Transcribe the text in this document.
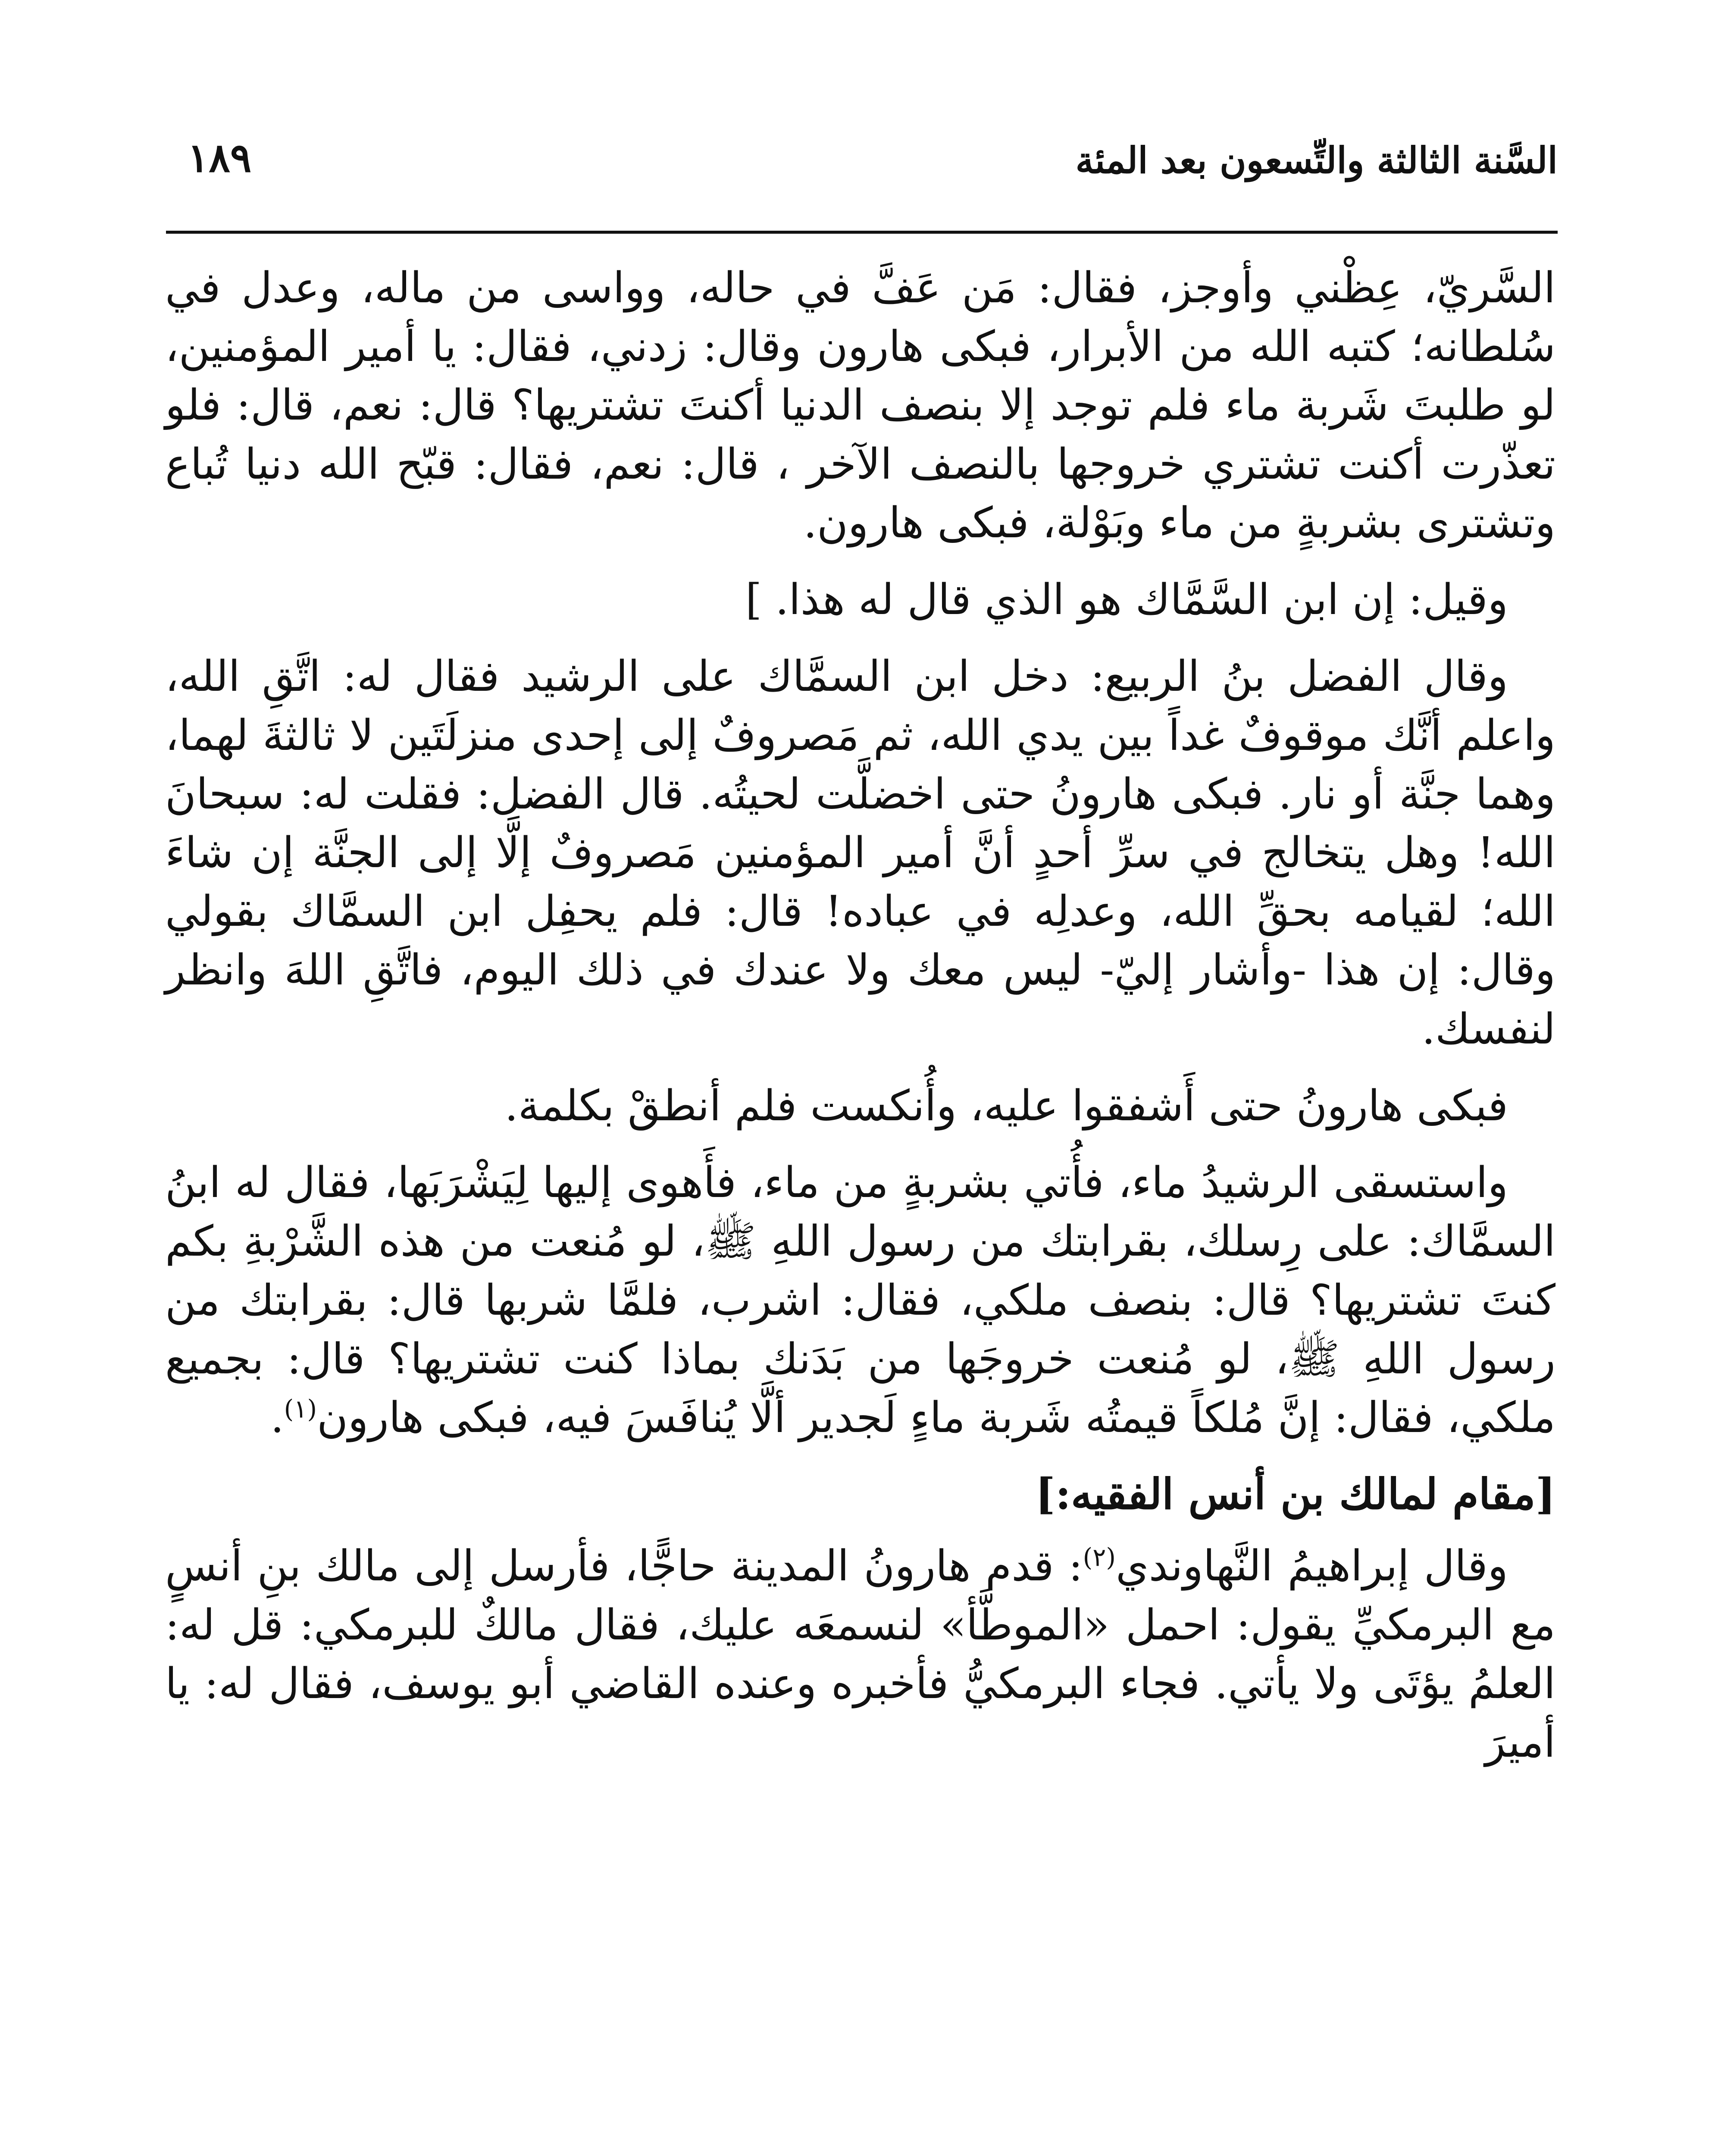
السَّنة الثالثة والتِّسعون بعد المئة
١٨٩

السَّريّ، عِظْني وأوجز، فقال: مَن عَفَّ في حاله، وواسى من ماله، وعدل في سُلطانه؛ كتبه الله من الأبرار، فبكى هارون وقال: زدني، فقال: يا أمير المؤمنين، لو طلبتَ شَربة ماء فلم توجد إلا بنصف الدنيا أكنتَ تشتريها؟ قال: نعم، قال: فلو تعذّرت أكنت تشتري خروجها بالنصف الآخر ، قال: نعم، فقال: قبّح الله دنيا تُباع وتشترى بشربةٍ من ماء وبَوْلة، فبكى هارون.

وقيل: إن ابن السَّمَّاك هو الذي قال له هذا. ]

وقال الفضل بنُ الربيع: دخل ابن السمَّاك على الرشيد فقال له: اتَّقِ الله، واعلم أنَّك موقوفٌ غداً بين يدي الله، ثم مَصروفٌ إلى إحدى منزلَتَين لا ثالثةَ لهما، وهما جنَّة أو نار. فبكى هارونُ حتى اخضلَّت لحيتُه. قال الفضل: فقلت له: سبحانَ الله! وهل يتخالج في سرِّ أحدٍ أنَّ أمير المؤمنين مَصروفٌ إلَّا إلى الجنَّة إن شاءَ الله؛ لقيامه بحقِّ الله، وعدلِه في عباده! قال: فلم يحفِل ابن السمَّاك بقولي وقال: إن هذا -وأشار إليّ- ليس معك ولا عندك في ذلك اليوم، فاتَّقِ اللهَ وانظر لنفسك.

فبكى هارونُ حتى أَشفقوا عليه، وأُنكست فلم أنطقْ بكلمة.

واستسقى الرشيدُ ماء، فأُتي بشربةٍ من ماء، فأَهوى إليها لِيَشْرَبَها، فقال له ابنُ السمَّاك: على رِسلك، بقرابتك من رسول اللهِ ﷺ، لو مُنعت من هذه الشَّرْبةِ بكم كنتَ تشتريها؟ قال: بنصف ملكي، فقال: اشرب، فلمَّا شربها قال: بقرابتك من رسول اللهِ ﷺ، لو مُنعت خروجَها من بَدَنك بماذا كنت تشتريها؟ قال: بجميع ملكي، فقال: إنَّ مُلكاً قيمتُه شَربة ماءٍ لَجدير ألَّا يُنافَسَ فيه، فبكى هارون$^{(١)}$.

[مقام لمالك بن أنس الفقيه:]

وقال إبراهيمُ النَّهاوندي$^{(٢)}$: قدم هارونُ المدينة حاجًّا، فأرسل إلى مالك بنِ أنسٍ مع البرمكيِّ يقول: احمل «الموطَّأ» لنسمعَه عليك، فقال مالكٌ للبرمكي: قل له: العلمُ يؤتَى ولا يأتي. فجاء البرمكيُّ فأخبره وعنده القاضي أبو يوسف، فقال له: يا أميرَ
